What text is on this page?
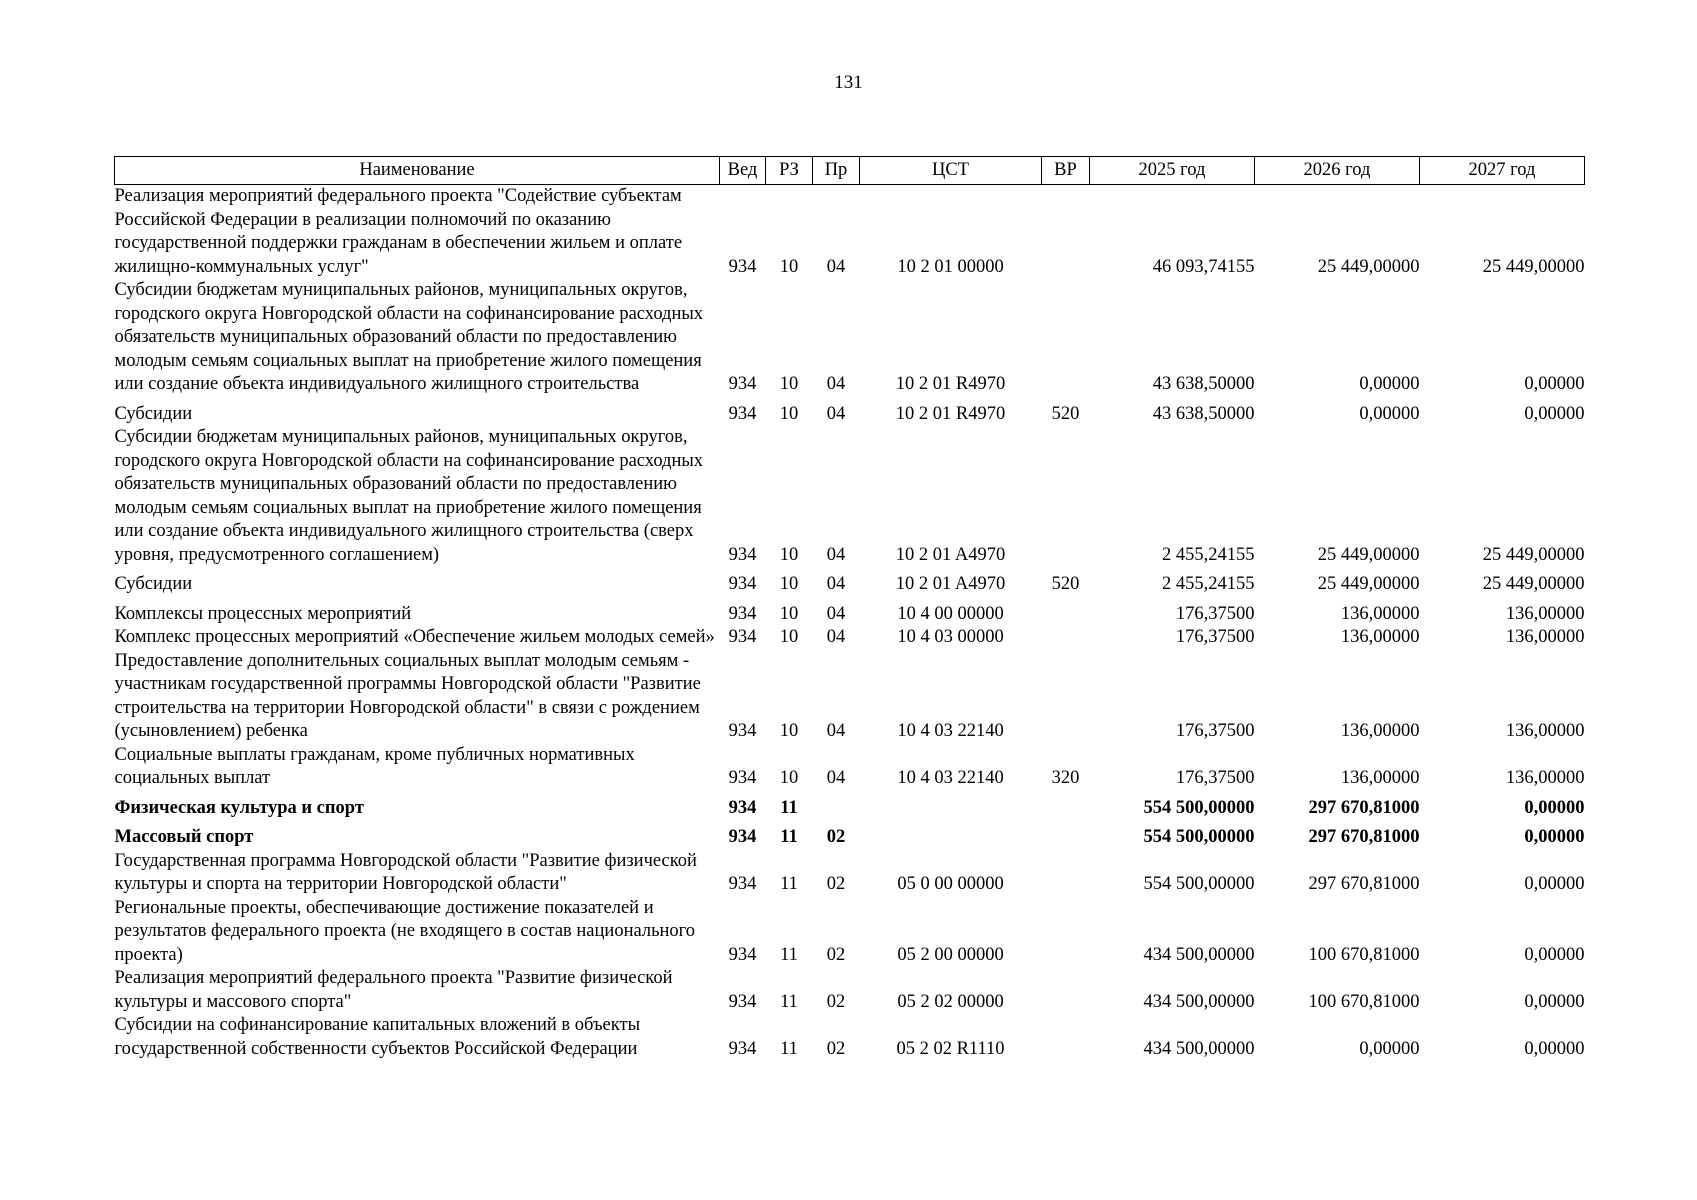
131
Наименование	Вед	РЗ	Пр	ЦСТ	ВР	2025 год	2026 год	2027 год
Реализация мероприятий федерального проекта "Содействие субъектам Российской Федерации в реализации полномочий по оказанию государственной поддержки гражданам в обеспечении жильем и оплате жилищно-коммунальных услуг"	934	10	04	10 2 01 00000		46 093,74155	25 449,00000	25 449,00000
Субсидии бюджетам муниципальных районов, муниципальных округов, городского округа Новгородской области на софинансирование расходных обязательств муниципальных образований области по предоставлению молодым семьям социальных выплат на приобретение жилого помещения или создание объекта индивидуального жилищного строительства	934	10	04	10 2 01 R4970		43 638,50000	0,00000	0,00000
Субсидии	934	10	04	10 2 01 R4970	520	43 638,50000	0,00000	0,00000
Субсидии бюджетам муниципальных районов, муниципальных округов, городского округа Новгородской области на софинансирование расходных обязательств муниципальных образований области по предоставлению молодым семьям социальных выплат на приобретение жилого помещения или создание объекта индивидуального жилищного строительства (сверх уровня, предусмотренного соглашением)	934	10	04	10 2 01 A4970		2 455,24155	25 449,00000	25 449,00000
Субсидии	934	10	04	10 2 01 A4970	520	2 455,24155	25 449,00000	25 449,00000
Комплексы процессных мероприятий	934	10	04	10 4 00 00000		176,37500	136,00000	136,00000
Комплекс процессных мероприятий «Обеспечение жильем молодых семей»	934	10	04	10 4 03 00000		176,37500	136,00000	136,00000
Предоставление дополнительных социальных выплат молодым семьям - участникам государственной программы Новгородской области "Развитие строительства на территории Новгородской области" в связи с рождением (усыновлением) ребенка	934	10	04	10 4 03 22140		176,37500	136,00000	136,00000
Социальные выплаты гражданам, кроме публичных нормативных социальных выплат	934	10	04	10 4 03 22140	320	176,37500	136,00000	136,00000
Физическая культура и спорт	934	11				554 500,00000	297 670,81000	0,00000
Массовый спорт	934	11	02			554 500,00000	297 670,81000	0,00000
Государственная программа Новгородской области "Развитие физической культуры и спорта на территории Новгородской области"	934	11	02	05 0 00 00000		554 500,00000	297 670,81000	0,00000
Региональные проекты, обеспечивающие достижение показателей и результатов федерального проекта (не входящего в состав национального проекта)	934	11	02	05 2 00 00000		434 500,00000	100 670,81000	0,00000
Реализация мероприятий федерального проекта "Развитие физической культуры и массового спорта"	934	11	02	05 2 02 00000		434 500,00000	100 670,81000	0,00000
Субсидии на софинансирование капитальных вложений в объекты государственной собственности субъектов Российской Федерации	934	11	02	05 2 02 R1110		434 500,00000	0,00000	0,00000
